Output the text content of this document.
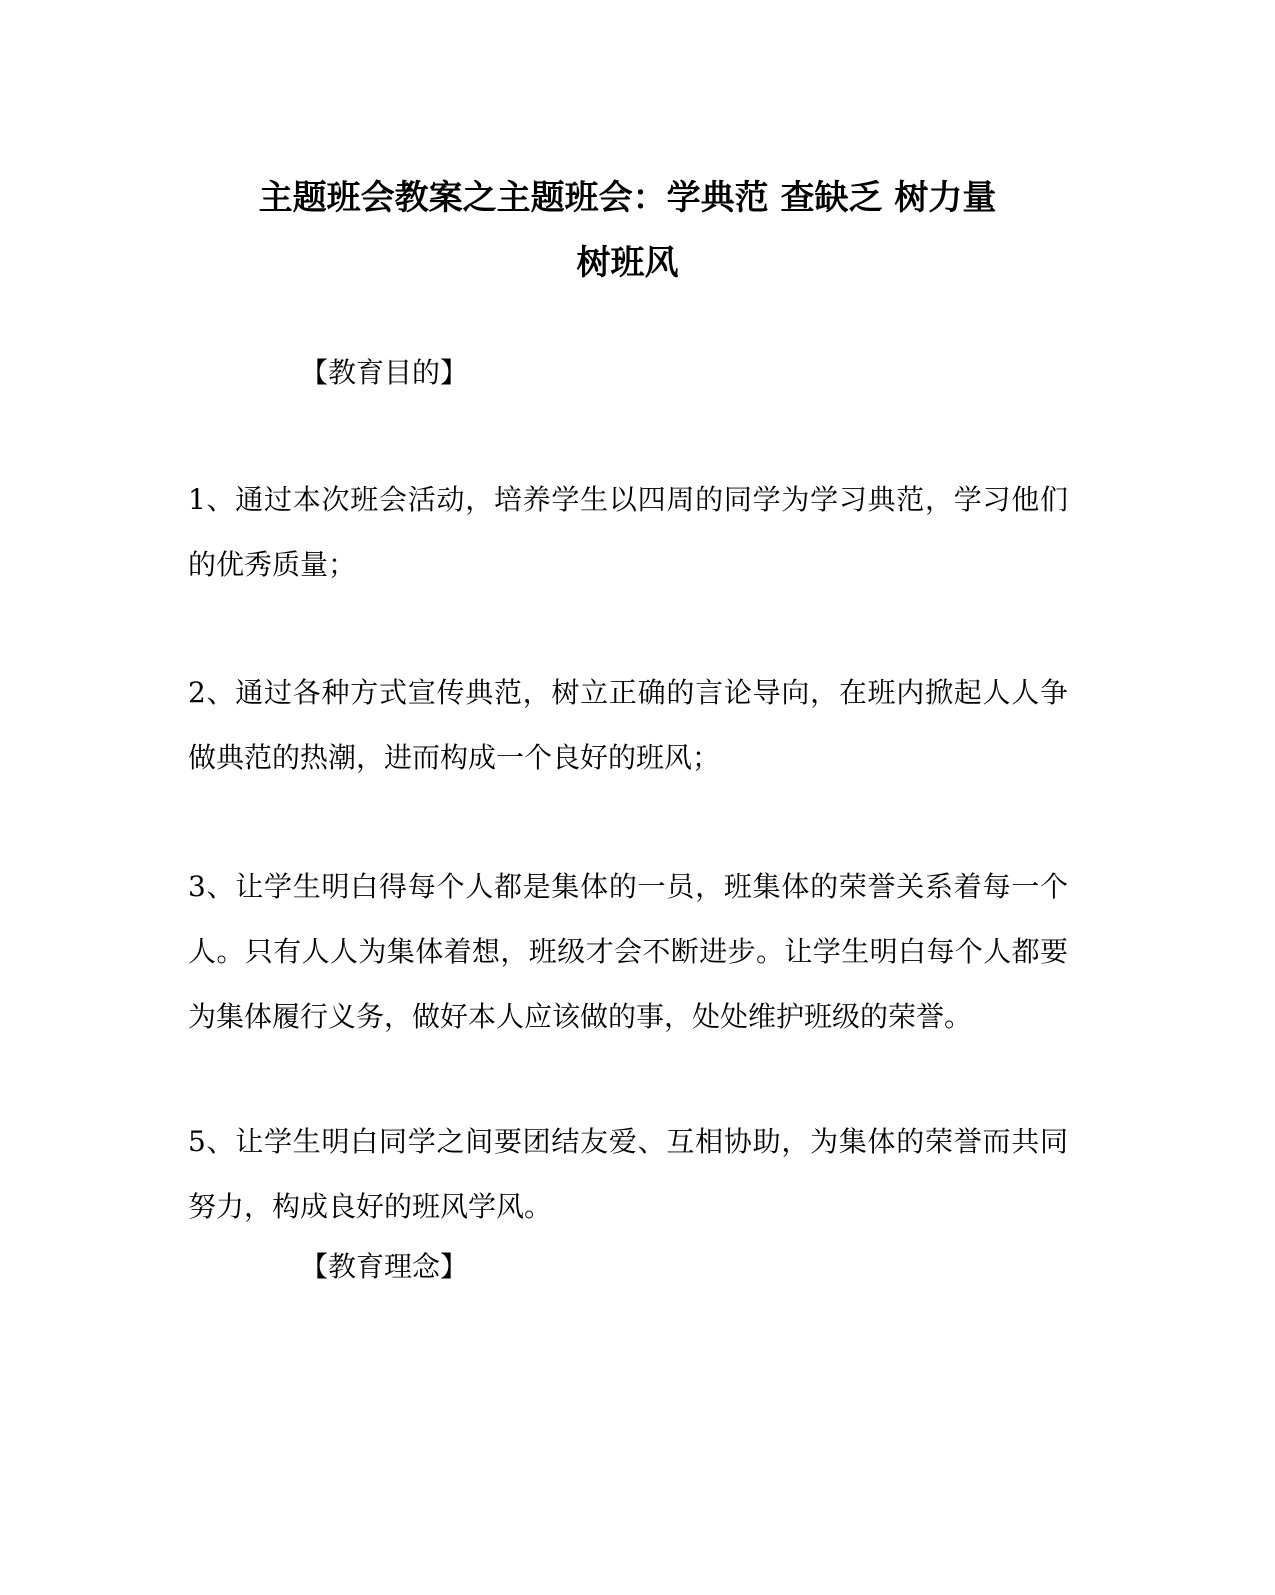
主题班会教案之主题班会：学典范 查缺乏 树力量
树班风
【教育目的】
1、通过本次班会活动，培养学生以四周的同学为学习典范，学习他们的优秀质量；
2、通过各种方式宣传典范，树立正确的言论导向，在班内掀起人人争做典范的热潮，进而构成一个良好的班风；
3、让学生明白得每个人都是集体的一员，班集体的荣誉关系着每一个人。只有人人为集体着想，班级才会不断进步。让学生明白每个人都要为集体履行义务，做好本人应该做的事，处处维护班级的荣誉。
5、让学生明白同学之间要团结友爱、互相协助，为集体的荣誉而共同努力，构成良好的班风学风。
【教育理念】
